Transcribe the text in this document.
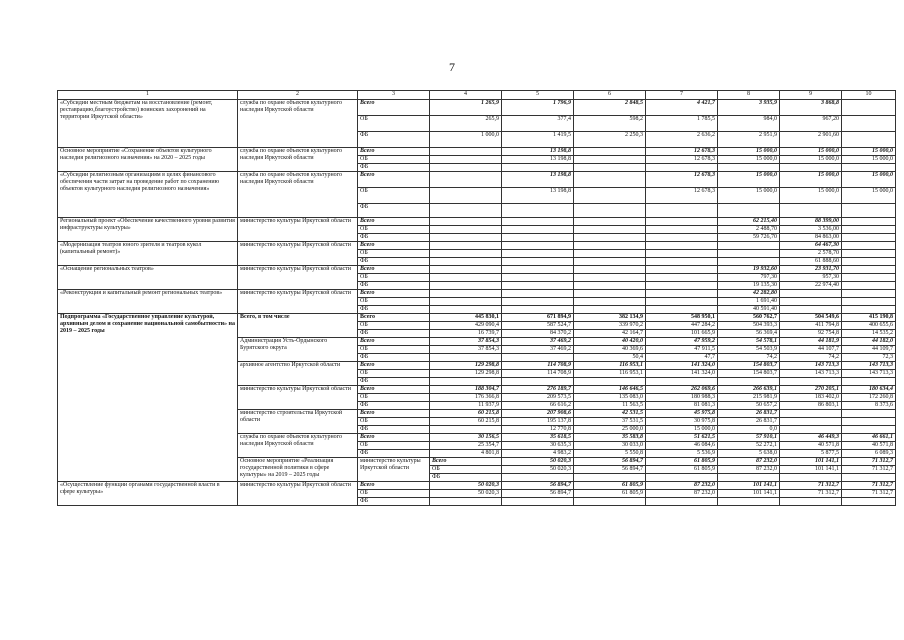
7
1	2	3	4	5	6	7	8	9	10	
«Субсидии местным бюджетам на восстановление (ремонт, реставрацию,благоустройство) воинских захоронений на территории Иркутской области»	служба по охране объектов культурного наследия Иркутской области	Всего	1 265,9	1 796,9	2 848,5	4 421,7	3 935,9	3 868,8		
		ОБ	265,9	377,4	598,2	1 785,5	984,0	967,20		
		ФБ	1 000,0	1 419,5	2 250,3	2 636,2	2 951,9	2 901,60		
Основное мероприятие «Сохранение объектов культурного наследия религиозного назначения» на 2020 – 2025 годы	служба по охране объектов культурного наследия Иркутской области	Всего		13 198,8		12 678,3	15 000,0	15 000,0	15 000,0	
		ОБ		13 198,8		12 678,3	15 000,0	15 000,0	15 000,0	
		ФБ								
«Субсидии религиозным организациям в целях финансового обеспечения части затрат на проведение работ по сохранению объектов культурного наследия религиозного назначения»	служба по охране объектов культурного наследия Иркутской области	Всего		13 198,8		12 678,3	15 000,0	15 000,0	15 000,0	
		ОБ		13 198,8		12 678,3	15 000,0	15 000,0	15 000,0	
		ФБ								
Региональный проект «Обеспечение качественного уровня развития инфраструктуры культуры»	министерство культуры Иркутской области	Всего					62 215,40	88 399,00		
		ОБ					2 488,70	3 536,00		
		ФБ					59 726,70	84 863,00		
«Модернизация театров юного зрителя и театров кукол (капитальный ремонт)»	министерство культуры Иркутской области	Всего						64 467,30		
		ОБ						2 578,70		
		ФБ						61 888,60		
«Оснащение региональных театров»	министерство культуры Иркутской области	Всего					19 932,60	23 931,70		
		ОБ					797,30	957,30		
		ФБ					19 135,30	22 974,40		
«Реконструкция и капитальный ремонт региональных театров»	министерство культуры Иркутской области	Всего					42 282,80			
		ОБ					1 691,40			
		ФБ					40 591,40			
Подпрограмма «Государственное управление культурой, архивным делом и сохранение национальной самобытности» на 2019 – 2025 годы	Всего, в том числе	Всего	445 830,1	671 894,9	382 134,9	548 950,1	560 762,7	504 549,6	415 190,8	
		ОБ	429 090,4	587 524,7	339 970,2	447 284,2	504 393,3	411 794,8	400 655,6	
		ФБ	16 739,7	84 370,2	42 164,7	101 665,9	56 369,4	92 754,8	14 535,2	
	Администрация Усть-Ордынского Бурятского округа	Всего	37 854,3	37 469,2	40 420,0	47 959,2	54 578,1	44 181,9	44 182,0	
		ОБ	37 854,3	37 469,2	40 369,6	47 911,5	54 503,9	44 107,7	44 109,7	
		ФБ			50,4	47,7	74,2	74,2	72,3	
	архивное агентство Иркутской области	Всего	129 298,8	114 708,9	116 953,1	141 324,0	154 803,7	143 713,3	143 713,3	
		ОБ	129 298,8	114 708,9	116 953,1	141 324,0	154 803,7	143 713,3	143 713,3	
		ФБ								
	министерство культуры Иркутской области	Всего	188 304,7	276 189,7	146 646,5	262 069,6	266 639,1	270 205,1	180 634,4	
		ОБ	176 366,8	209 573,5	135 083,0	180 988,3	215 981,9	183 402,0	172 260,8	
		ФБ	11 937,9	66 616,2	11 563,5	81 081,3	50 657,2	86 803,1	8 373,6	
	министерство строительства Иркутской области	Всего	60 215,8	207 908,6	42 531,5	45 975,8	26 831,7			
		ОБ	60 215,8	195 137,8	37 531,5	30 975,8	26 831,7			
		ФБ		12 770,8	25 000,0	15 000,0	0,0			
	служба по охране объектов культурного наследия Иркутской области	Всего	30 156,5	35 618,5	35 583,8	51 621,5	57 910,1	46 449,3	46 661,1	
		ОБ	25 354,7	30 635,3	30 033,0	46 084,6	52 272,1	40 571,8	40 571,8	
		ФБ	4 801,8	4 983,2	5 550,8	5 536,9	5 638,0	5 877,5	6 089,3	
	Основное мероприятие «Реализация государственной политики в сфере культуры» на 2019 – 2025 годы	министерство культуры Иркутской области	Всего	50 020,3	56 894,7	61 805,9	87 232,0	101 141,1	71 312,7	
			ОБ	50 020,3	56 894,7	61 805,9	87 232,0	101 141,1	71 312,7	
			ФБ							
«Осуществление функции органами государственной власти в сфере культуры»	министерство культуры Иркутской области	Всего	50 020,3	56 894,7	61 805,9	87 232,0	101 141,1	71 312,7	71 312,7	
		ОБ	50 020,3	56 894,7	61 805,9	87 232,0	101 141,1	71 312,7	71 312,7	
		ФБ								
